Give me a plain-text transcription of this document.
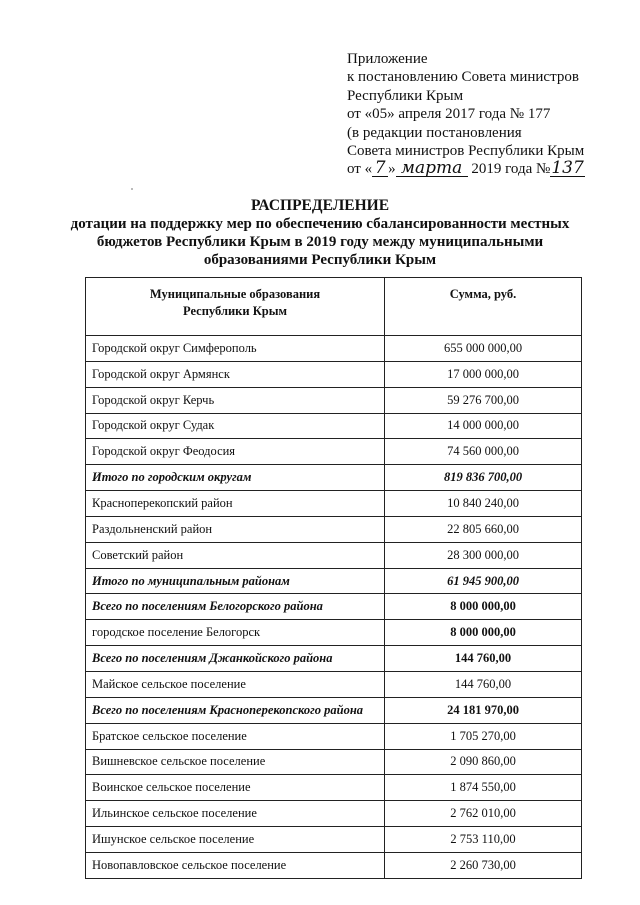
Приложение
к постановлению Совета министров
Республики Крым
от «05» апреля 2017 года № 177
(в редакции постановления
Совета министров Республики Крым
от « 7 » марта 2019 года №137
РАСПРЕДЕЛЕНИЕ
дотации на поддержку мер по обеспечению сбалансированности местных
бюджетов Республики Крым в 2019 году между муниципальными
образованиями Республики Крым
Муниципальные образования
Республики Крым	Сумма, руб.
Городской округ Симферополь	655 000 000,00
Городской округ Армянск	17 000 000,00
Городской округ Керчь	59 276 700,00
Городской округ Судак	14 000 000,00
Городской округ Феодосия	74 560 000,00
Итого по городским округам	819 836 700,00
Красноперекопский район	10 840 240,00
Раздольненский район	22 805 660,00
Советский район	28 300 000,00
Итого по муниципальным районам	61 945 900,00
Всего по поселениям Белогорского района	8 000 000,00
городское поселение Белогорск	8 000 000,00
Всего по поселениям Джанкойского района	144 760,00
Майское сельское поселение	144 760,00
Всего по поселениям Красноперекопского района	24 181 970,00
Братское сельское поселение	1 705 270,00
Вишневское сельское поселение	2 090 860,00
Воинское сельское поселение	1 874 550,00
Ильинское сельское поселение	2 762 010,00
Ишунское сельское поселение	2 753 110,00
Новопавловское сельское поселение	2 260 730,00
